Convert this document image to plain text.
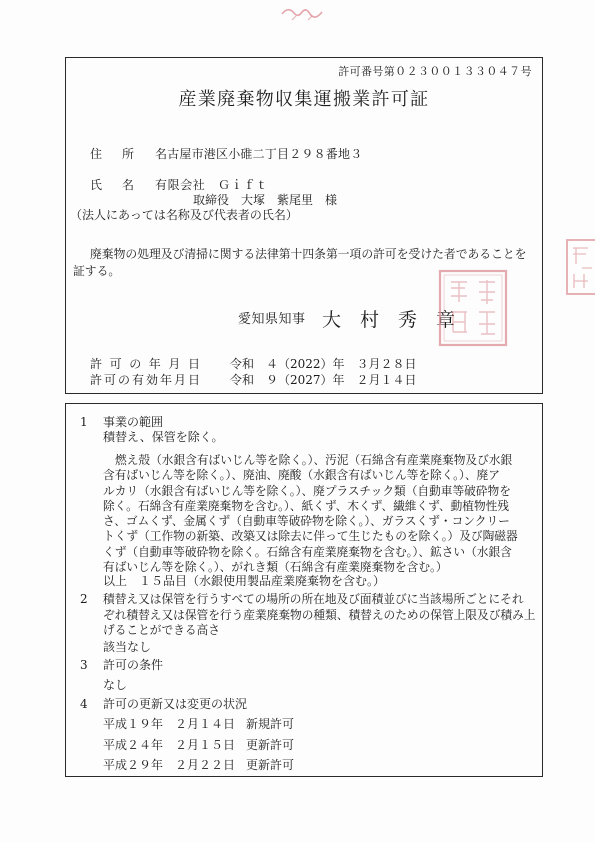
許可番号第０２３００１３３０４７号
産業廃棄物収集運搬業許可証
住所 名古屋市港区小碓二丁目２９８番地３
氏名 有限会社　Ｇｉｆｔ
取締役　大塚　紫尾里　様
（法人にあっては名称及び代表者の氏名）
廃棄物の処理及び清掃に関する法律第十四条第一項の許可を受けた者であることを証する。
愛知県知事 大　村　秀　章
許可の年月日	令和　４（2022）年　３月２８日
許可の有効年月日	令和　９（2027）年　２月１４日
1 事業の範囲
積替え、保管を除く。
燃え殻（水銀含有ばいじん等を除く。）、汚泥（石綿含有産業廃棄物及び水銀
含有ばいじん等を除く。）、廃油、廃酸（水銀含有ばいじん等を除く。）、廃ア
ルカリ（水銀含有ばいじん等を除く。）、廃プラスチック類（自動車等破砕物を
除く。石綿含有産業廃棄物を含む。）、紙くず、木くず、繊維くず、動植物性残
さ、ゴムくず、金属くず（自動車等破砕物を除く。）、ガラスくず・コンクリー
トくず（工作物の新築、改築又は除去に伴って生じたものを除く。）及び陶磁器
くず（自動車等破砕物を除く。石綿含有産業廃棄物を含む。）、鉱さい（水銀含
有ばいじん等を除く。）、がれき類（石綿含有産業廃棄物を含む。）
以上　１５品目（水銀使用製品産業廃棄物を含む。）
2 積替え又は保管を行うすべての場所の所在地及び面積並びに当該場所ごとにそれ
ぞれ積替え又は保管を行う産業廃棄物の種類、積替えのための保管上限及び積み上
げることができる高さ
該当なし
3 許可の条件
なし
4 許可の更新又は変更の状況
平成１９年　２月１４日 新規許可
平成２４年　２月１５日 更新許可
平成２９年　２月２２日 更新許可
